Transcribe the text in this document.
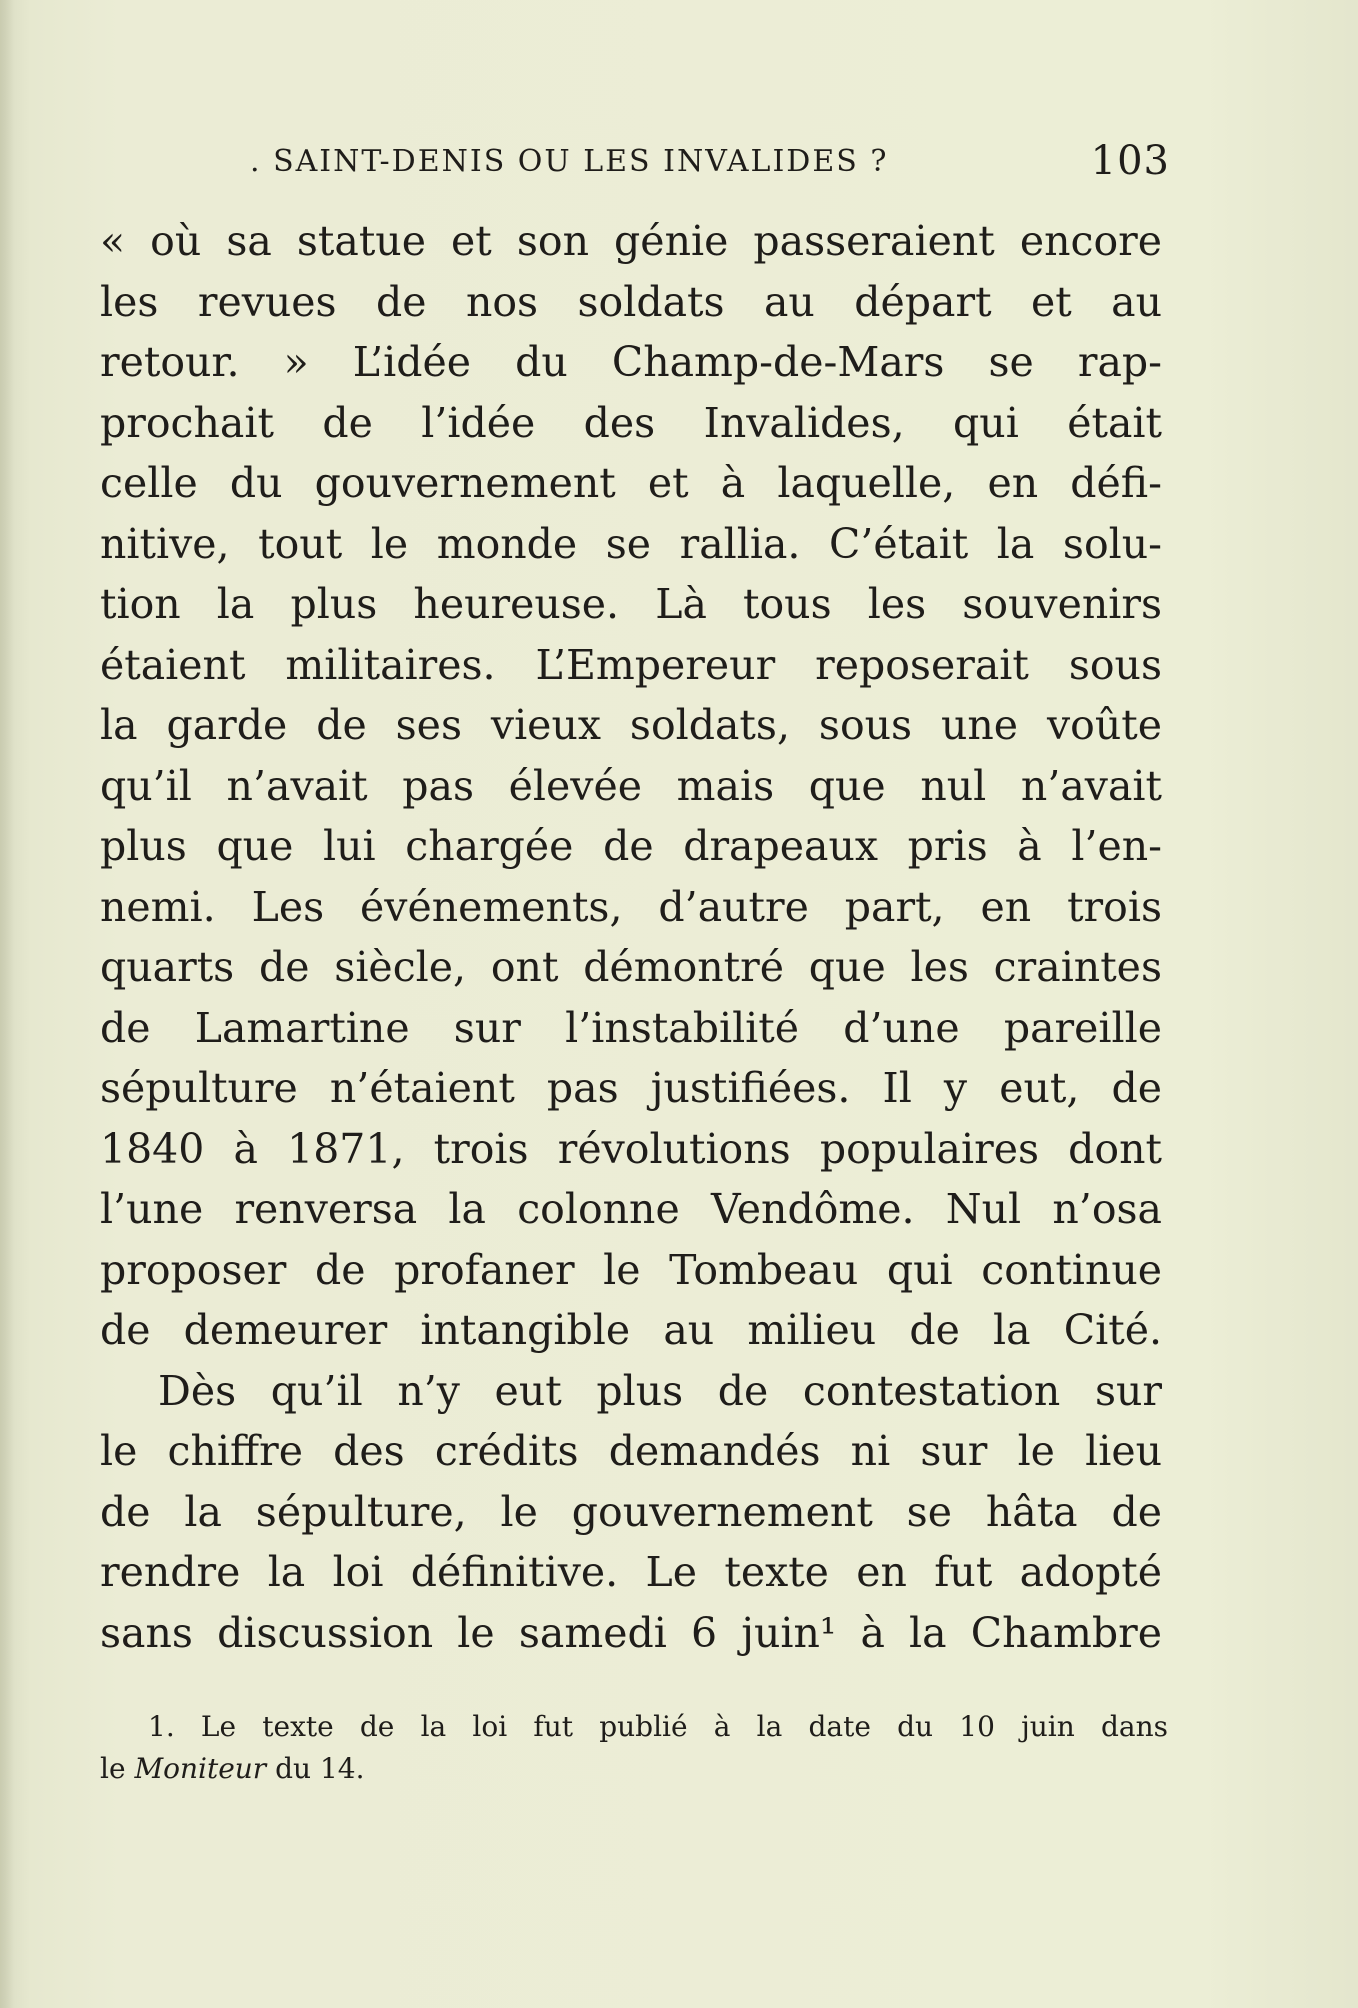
. SAINT-DENIS OU LES INVALIDES ?	103
« où sa statue et son génie passeraient encore
les revues de nos soldats au départ et au
retour. » L’idée du Champ-de-Mars se rap-
prochait de l’idée des Invalides, qui était
celle du gouvernement et à laquelle, en défi-
nitive, tout le monde se rallia. C’était la solu-
tion la plus heureuse. Là tous les souvenirs
étaient militaires. L’Empereur reposerait sous
la garde de ses vieux soldats, sous une voûte
qu’il n’avait pas élevée mais que nul n’avait
plus que lui chargée de drapeaux pris à l’en-
nemi. Les événements, d’autre part, en trois
quarts de siècle, ont démontré que les craintes
de Lamartine sur l’instabilité d’une pareille
sépulture n’étaient pas justifiées. Il y eut, de
1840 à 1871, trois révolutions populaires dont
l’une renversa la colonne Vendôme. Nul n’osa
proposer de profaner le Tombeau qui continue
de demeurer intangible au milieu de la Cité.
Dès qu’il n’y eut plus de contestation sur
le chiffre des crédits demandés ni sur le lieu
de la sépulture, le gouvernement se hâta de
rendre la loi définitive. Le texte en fut adopté
sans discussion le samedi 6 juin¹ à la Chambre
1. Le texte de la loi fut publié à la date du 10 juin dans
le Moniteur du 14.
